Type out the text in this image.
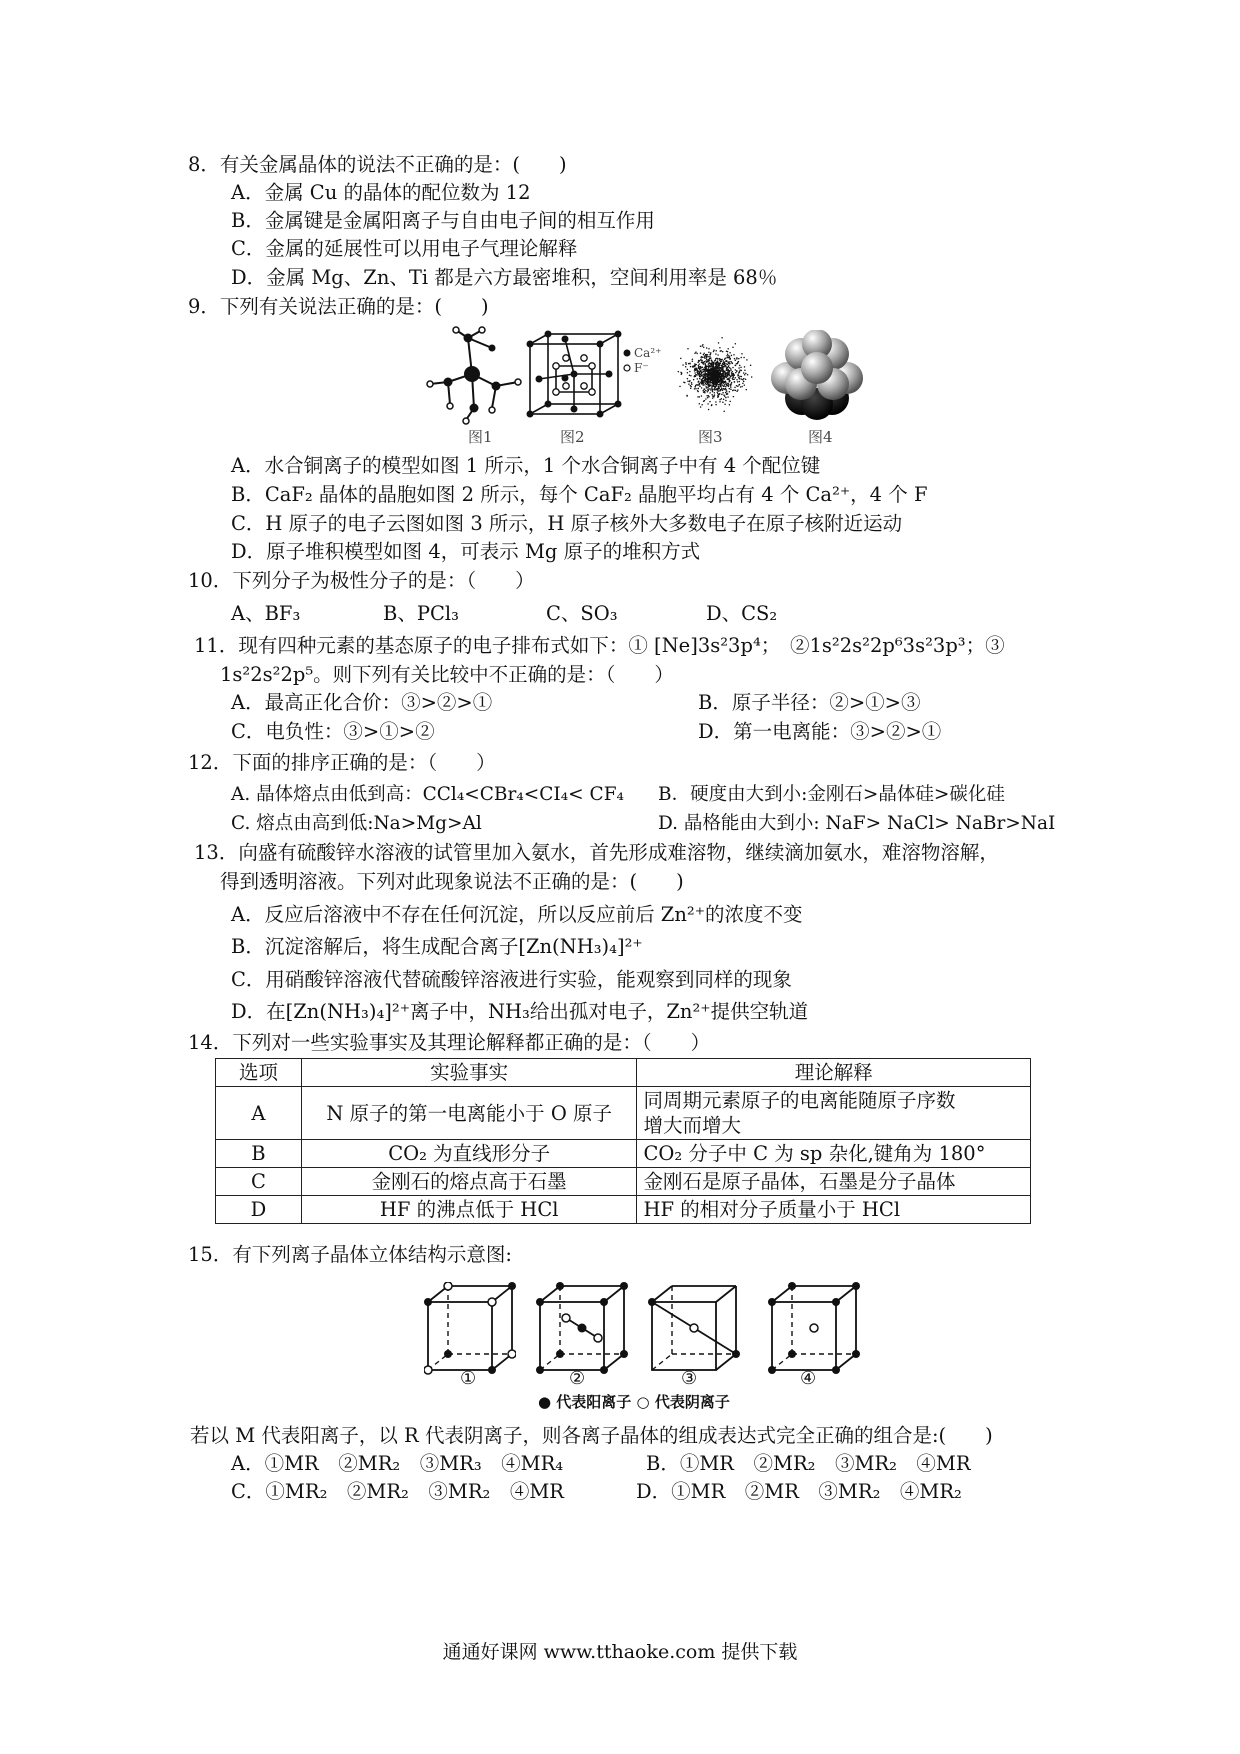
8．有关金属晶体的说法不正确的是：(　　)
A．金属 Cu 的晶体的配位数为 12
B．金属键是金属阳离子与自由电子间的相互作用
C．金属的延展性可以用电子气理论解释
D．金属 Mg、Zn、Ti 都是六方最密堆积，空间利用率是 68％
9．下列有关说法正确的是：(　　)
图1
Ca²⁺
F⁻
图2	图3	图4
A．水合铜离子的模型如图 1 所示，1 个水合铜离子中有 4 个配位键
B．CaF₂ 晶体的晶胞如图 2 所示，每个 CaF₂ 晶胞平均占有 4 个 Ca²⁺，4 个 F
C．H 原子的电子云图如图 3 所示，H 原子核外大多数电子在原子核附近运动
D．原子堆积模型如图 4，可表示 Mg 原子的堆积方式
10．下列分子为极性分子的是：（　　）
A、BF₃	B、PCl₃	C、SO₃	D、CS₂
11．现有四种元素的基态原子的电子排布式如下：① [Ne]3s²3p⁴；　②1s²2s²2p⁶3s²3p³；③
1s²2s²2p⁵。则下列有关比较中不正确的是：（　　）
A．最高正化合价：③>②>①	B．原子半径：②>①>③
C．电负性：③>①>②	D．第一电离能：③>②>①
12．下面的排序正确的是：（　　）
A. 晶体熔点由低到高：CCl₄<CBr₄<CI₄< CF₄ B．硬度由大到小:金刚石>晶体硅>碳化硅
C. 熔点由高到低:Na>Mg>Al	D. 晶格能由大到小: NaF> NaCl> NaBr>NaI
13．向盛有硫酸锌水溶液的试管里加入氨水，首先形成难溶物，继续滴加氨水，难溶物溶解，
得到透明溶液。下列对此现象说法不正确的是：(　　)
A．反应后溶液中不存在任何沉淀，所以反应前后 Zn²⁺的浓度不变
B．沉淀溶解后，将生成配合离子[Zn(NH₃)₄]²⁺
C．用硝酸锌溶液代替硫酸锌溶液进行实验，能观察到同样的现象
D．在[Zn(NH₃)₄]²⁺离子中，NH₃给出孤对电子，Zn²⁺提供空轨道
14．下列对一些实验事实及其理论解释都正确的是：（　　）
选项	实验事实	理论解释
A	N 原子的第一电离能小于 O 原子	同周期元素原子的电离能随原子序数
增大而增大

B	CO₂ 为直线形分子	CO₂ 分子中 C 为 sp 杂化,键角为 180°
C	金刚石的熔点高于石墨	金刚石是原子晶体，石墨是分子晶体
D	HF 的沸点低于 HCl	HF 的相对分子质量小于 HCl
15．有下列离子晶体立体结构示意图:
①	②	③	④
● 代表阳离子 ○ 代表阴离子
若以 M 代表阳离子，以 R 代表阴离子，则各离子晶体的组成表达式完全正确的组合是:(　　)
A．①MR　②MR₂　③MR₃　④MR₄	B．①MR　②MR₂　③MR₂　④MR
C．①MR₂　②MR₂　③MR₂　④MR	D．①MR　②MR　③MR₂　④MR₂
通通好课网 www.tthaoke.com 提供下载
